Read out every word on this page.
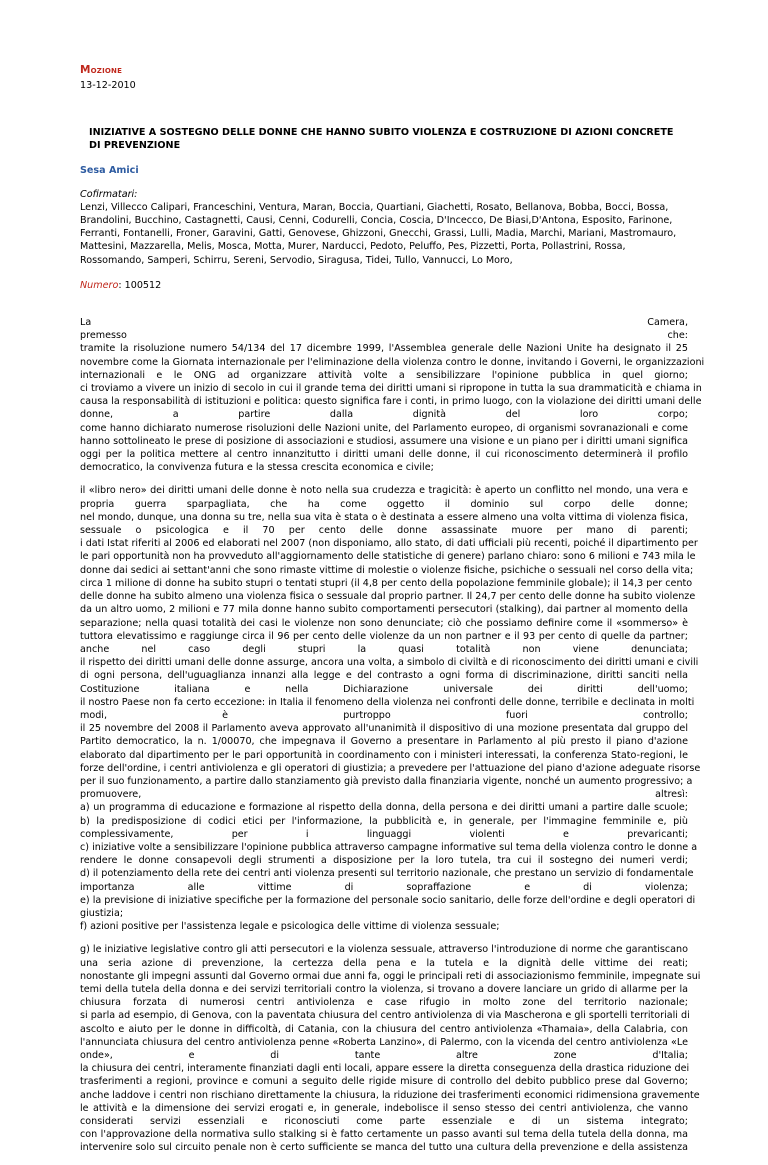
Mozione
13-12-2010
INIZIATIVE A SOSTEGNO DELLE DONNE CHE HANNO SUBITO VIOLENZA E COSTRUZIONE DI AZIONI CONCRETE DI PREVENZIONE
Sesa Amici
Cofirmatari:
Lenzi, Villecco Calipari, Franceschini, Ventura, Maran, Boccia, Quartiani, Giachetti, Rosato, Bellanova, Bobba, Bocci, Bossa, Brandolini, Bucchino, Castagnetti, Causi, Cenni, Codurelli, Concia, Coscia, D'Incecco, De Biasi,D'Antona, Esposito, Farinone, Ferranti, Fontanelli, Froner, Garavini, Gatti, Genovese, Ghizzoni, Gnecchi, Grassi, Lulli, Madia, Marchi, Mariani, Mastromauro, Mattesini, Mazzarella, Melis, Mosca, Motta, Murer, Narducci, Pedoto, Peluffo, Pes, Pizzetti, Porta, Pollastrini, Rossa, Rossomando, Samperi, Schirru, Sereni, Servodio, Siragusa, Tidei, Tullo, Vannucci, Lo Moro,
Numero: 100512
La Camera,
premesso che:
tramite la risoluzione numero 54/134 del 17 dicembre 1999, l'Assemblea generale delle Nazioni Unite ha designato il 25
novembre come la Giornata internazionale per l'eliminazione della violenza contro le donne, invitando i Governi, le organizzazioni
internazionali e le ONG ad organizzare attività volte a sensibilizzare l'opinione pubblica in quel giorno;
ci troviamo a vivere un inizio di secolo in cui il grande tema dei diritti umani si ripropone in tutta la sua drammaticità e chiama in
causa la responsabilità di istituzioni e politica: questo significa fare i conti, in primo luogo, con la violazione dei diritti umani delle
donne, a partire dalla dignità del loro corpo;
come hanno dichiarato numerose risoluzioni delle Nazioni unite, del Parlamento europeo, di organismi sovranazionali e come
hanno sottolineato le prese di posizione di associazioni e studiosi, assumere una visione e un piano per i diritti umani significa
oggi per la politica mettere al centro innanzitutto i diritti umani delle donne, il cui riconoscimento determinerà il profilo
democratico, la convivenza futura e la stessa crescita economica e civile;
il «libro nero» dei diritti umani delle donne è noto nella sua crudezza e tragicità: è aperto un conflitto nel mondo, una vera e
propria guerra sparpagliata, che ha come oggetto il dominio sul corpo delle donne;
nel mondo, dunque, una donna su tre, nella sua vita è stata o è destinata a essere almeno una volta vittima di violenza fisica,
sessuale o psicologica e il 70 per cento delle donne assassinate muore per mano di parenti;
i dati Istat riferiti al 2006 ed elaborati nel 2007 (non disponiamo, allo stato, di dati ufficiali più recenti, poiché il dipartimento per
le pari opportunità non ha provveduto all'aggiornamento delle statistiche di genere) parlano chiaro: sono 6 milioni e 743 mila le
donne dai sedici ai settant'anni che sono rimaste vittime di molestie o violenze fisiche, psichiche o sessuali nel corso della vita;
circa 1 milione di donne ha subito stupri o tentati stupri (il 4,8 per cento della popolazione femminile globale); il 14,3 per cento
delle donne ha subito almeno una violenza fisica o sessuale dal proprio partner. Il 24,7 per cento delle donne ha subito violenze
da un altro uomo, 2 milioni e 77 mila donne hanno subito comportamenti persecutori (stalking), dai partner al momento della
separazione; nella quasi totalità dei casi le violenze non sono denunciate; ciò che possiamo definire come il «sommerso» è
tuttora elevatissimo e raggiunge circa il 96 per cento delle violenze da un non partner e il 93 per cento di quelle da partner;
anche nel caso degli stupri la quasi totalità non viene denunciata;
il rispetto dei diritti umani delle donne assurge, ancora una volta, a simbolo di civiltà e di riconoscimento dei diritti umani e civili
di ogni persona, dell'uguaglianza innanzi alla legge e del contrasto a ogni forma di discriminazione, diritti sanciti nella
Costituzione italiana e nella Dichiarazione universale dei diritti dell'uomo;
il nostro Paese non fa certo eccezione: in Italia il fenomeno della violenza nei confronti delle donne, terribile e declinata in molti
modi, è purtroppo fuori controllo;
il 25 novembre del 2008 il Parlamento aveva approvato all'unanimità il dispositivo di una mozione presentata dal gruppo del
Partito democratico, la n. 1/00070, che impegnava il Governo a presentare in Parlamento al più presto il piano d'azione
elaborato dal dipartimento per le pari opportunità in coordinamento con i ministeri interessati, la conferenza Stato-regioni, le
forze dell'ordine, i centri antiviolenza e gli operatori di giustizia; a prevedere per l'attuazione del piano d'azione adeguate risorse
per il suo funzionamento, a partire dallo stanziamento già previsto dalla finanziaria vigente, nonché un aumento progressivo; a
promuovere, altresì:
a) un programma di educazione e formazione al rispetto della donna, della persona e dei diritti umani a partire dalle scuole;
b) la predisposizione di codici etici per l'informazione, la pubblicità e, in generale, per l'immagine femminile e, più
complessivamente, per i linguaggi violenti e prevaricanti;
c) iniziative volte a sensibilizzare l'opinione pubblica attraverso campagne informative sul tema della violenza contro le donne a
rendere le donne consapevoli degli strumenti a disposizione per la loro tutela, tra cui il sostegno dei numeri verdi;
d) il potenziamento della rete dei centri anti violenza presenti sul territorio nazionale, che prestano un servizio di fondamentale
importanza alle vittime di sopraffazione e di violenza;
e) la previsione di iniziative specifiche per la formazione del personale socio sanitario, delle forze dell'ordine e degli operatori di
giustizia;
f) azioni positive per l'assistenza legale e psicologica delle vittime di violenza sessuale;
g) le iniziative legislative contro gli atti persecutori e la violenza sessuale, attraverso l'introduzione di norme che garantiscano
una seria azione di prevenzione, la certezza della pena e la tutela e la dignità delle vittime dei reati;
nonostante gli impegni assunti dal Governo ormai due anni fa, oggi le principali reti di associazionismo femminile, impegnate sui
temi della tutela della donna e dei servizi territoriali contro la violenza, si trovano a dovere lanciare un grido di allarme per la
chiusura forzata di numerosi centri antiviolenza e case rifugio in molto zone del territorio nazionale;
si parla ad esempio, di Genova, con la paventata chiusura del centro antiviolenza di via Mascherona e gli sportelli territoriali di
ascolto e aiuto per le donne in difficoltà, di Catania, con la chiusura del centro antiviolenza «Thamaia», della Calabria, con
l'annunciata chiusura del centro antiviolenza penne «Roberta Lanzino», di Palermo, con la vicenda del centro antiviolenza «Le
onde», e di tante altre zone d'Italia;
la chiusura dei centri, interamente finanziati dagli enti locali, appare essere la diretta conseguenza della drastica riduzione dei
trasferimenti a regioni, province e comuni a seguito delle rigide misure di controllo del debito pubblico prese dal Governo;
anche laddove i centri non rischiano direttamente la chiusura, la riduzione dei trasferimenti economici ridimensiona gravemente
le attività e la dimensione dei servizi erogati e, in generale, indebolisce il senso stesso dei centri antiviolenza, che vanno
considerati servizi essenziali e riconosciuti come parte essenziale e di un sistema integrato;
con l'approvazione della normativa sullo stalking si è fatto certamente un passo avanti sul tema della tutela della donna, ma
intervenire solo sul circuito penale non è certo sufficiente se manca del tutto una cultura della prevenzione e della assistenza
